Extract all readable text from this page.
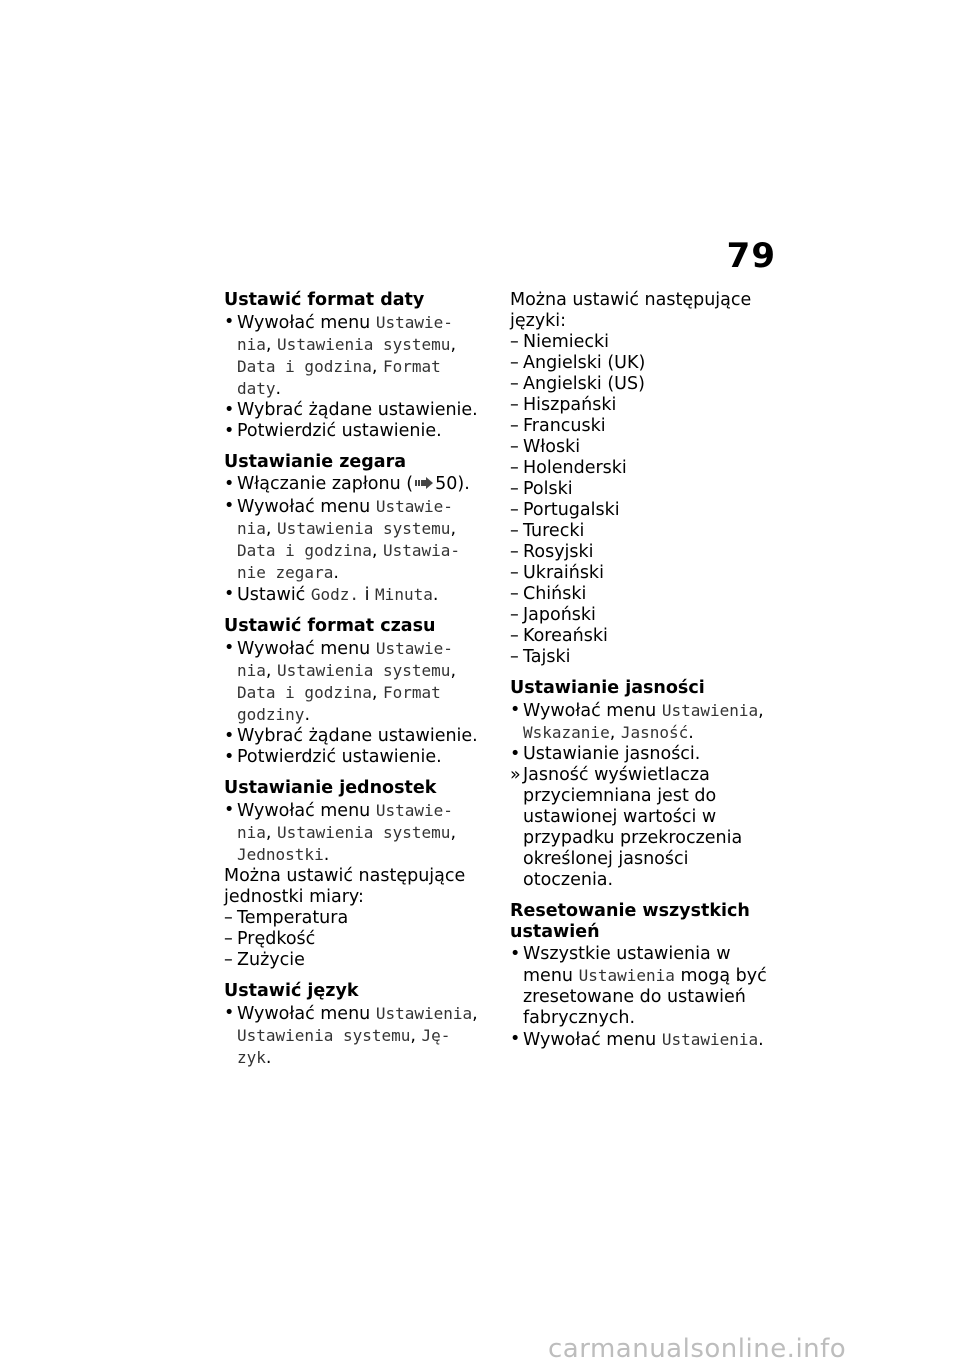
79
Ustawić format daty
• Wywołać menu Ustawie-
nia, Ustawienia systemu,
Data i godzina, Format
daty.
• Wybrać żądane ustawienie.
• Potwierdzić ustawienie.
Ustawianie zegara
• Włączanie zapłonu ( 50).
• Wywołać menu Ustawie-
nia, Ustawienia systemu,
Data i godzina, Ustawia-
nie zegara.
• Ustawić Godz. i Minuta.
Ustawić format czasu
• Wywołać menu Ustawie-
nia, Ustawienia systemu,
Data i godzina, Format
godziny.
• Wybrać żądane ustawienie.
• Potwierdzić ustawienie.
Ustawianie jednostek
• Wywołać menu Ustawie-
nia, Ustawienia systemu,
Jednostki.
Można ustawić następujące jednostki miary:
– Temperatura
– Prędkość
– Zużycie
Ustawić język
• Wywołać menu Ustawienia,
Ustawienia systemu, Ję-
zyk.
Można ustawić następujące języki:
– Niemiecki
– Angielski (UK)
– Angielski (US)
– Hiszpański
– Francuski
– Włoski
– Holenderski
– Polski
– Portugalski
– Turecki
– Rosyjski
– Ukraiński
– Chiński
– Japoński
– Koreański
– Tajski
Ustawianie jasności
• Wywołać menu Ustawienia,
Wskazanie, Jasność.
• Ustawianie jasności.
» Jasność wyświetlacza przyciemniana jest do ustawionej wartości w przypadku przekroczenia określonej jasności otoczenia.
Resetowanie wszystkich ustawień
• Wszystkie ustawienia w menu Ustawienia mogą być zresetowane do ustawień fabrycznych.
• Wywołać menu Ustawienia.
carmanualsonline.info
